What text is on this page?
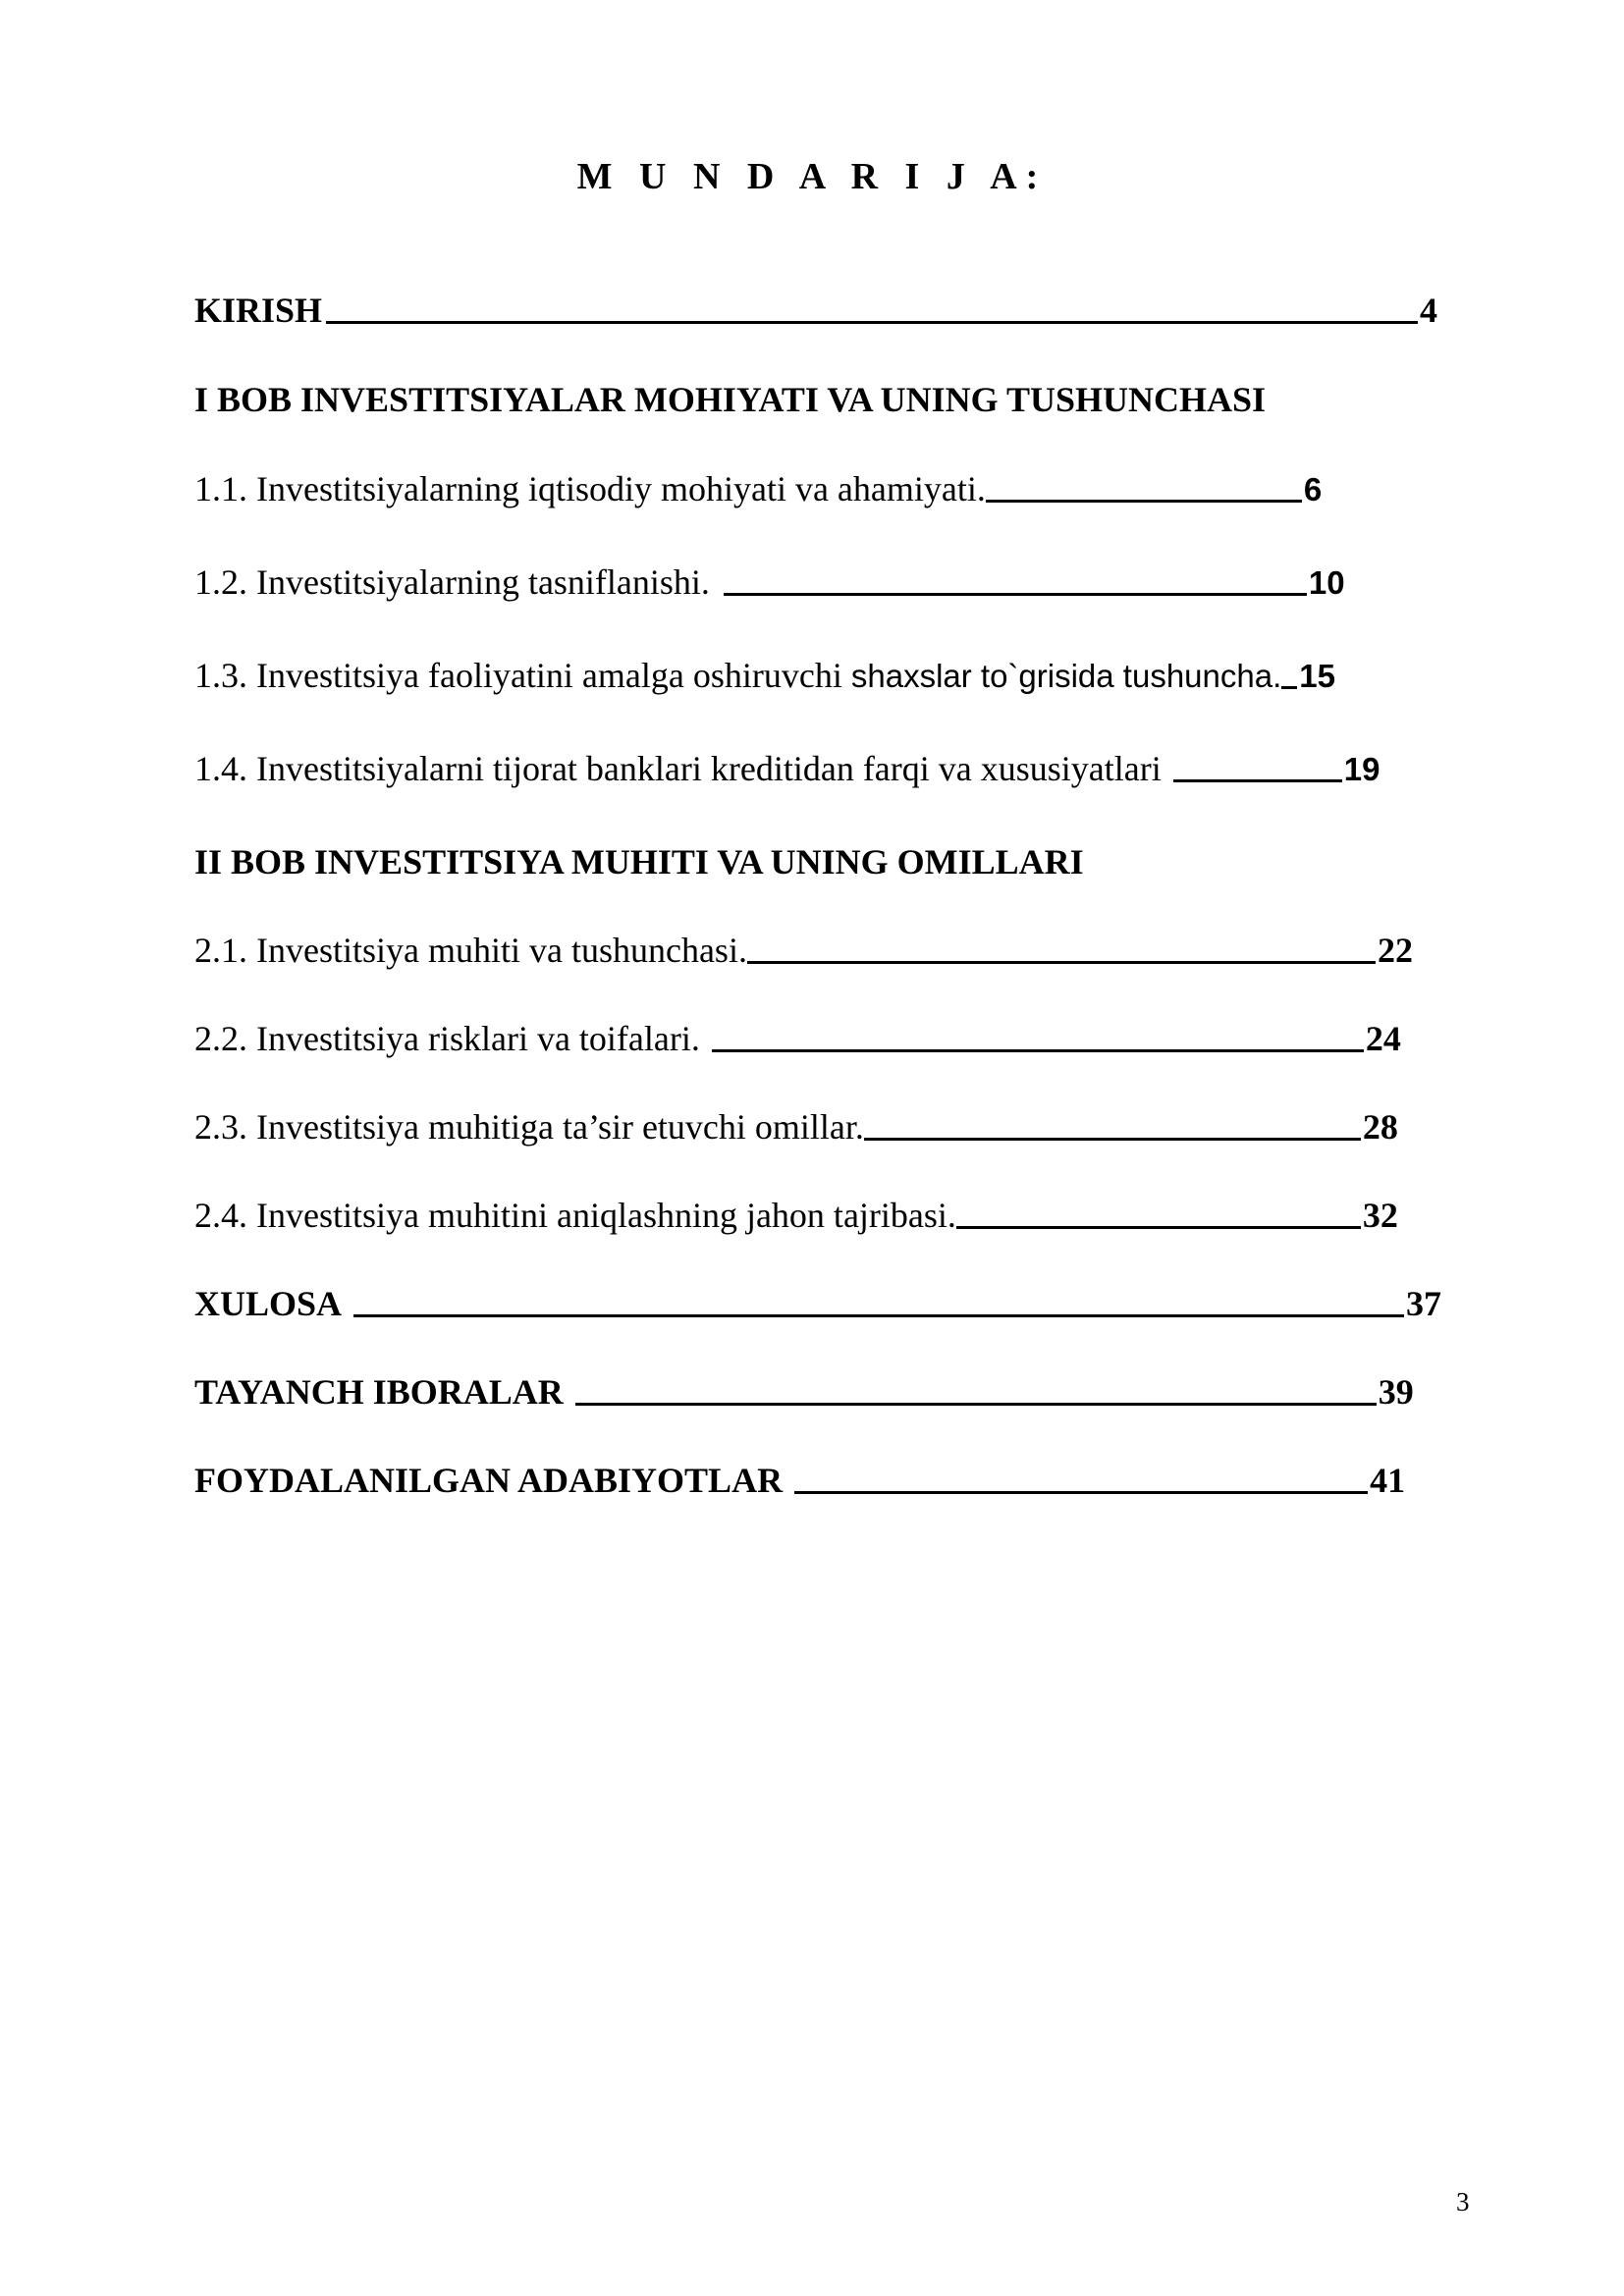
M U N D A R I J A:
KIRISH	4
I BOB INVESTITSIYALAR MOHIYATI VA UNING TUSHUNCHASI
1.1. Investitsiyalarning iqtisodiy mohiyati va ahamiyati.	6
1.2. Investitsiyalarning tasniflanishi.	10
1.3. Investitsiya faoliyatini amalga oshiruvchi shaxslar to`grisida tushuncha. 15
1.4. Investitsiyalarni tijorat banklari kreditidan farqi va xususiyatlari	19
II BOB INVESTITSIYA MUHITI VA UNING OMILLARI
2.1. Investitsiya muhiti va tushunchasi.	22
2.2. Investitsiya risklari va toifalari.	24
2.3. Investitsiya muhitiga ta’sir etuvchi omillar.	28
2.4. Investitsiya muhitini aniqlashning jahon tajribasi.	32
XULOSA	37
TAYANCH IBORALAR	39
FOYDALANILGAN ADABIYOTLAR	41
3
